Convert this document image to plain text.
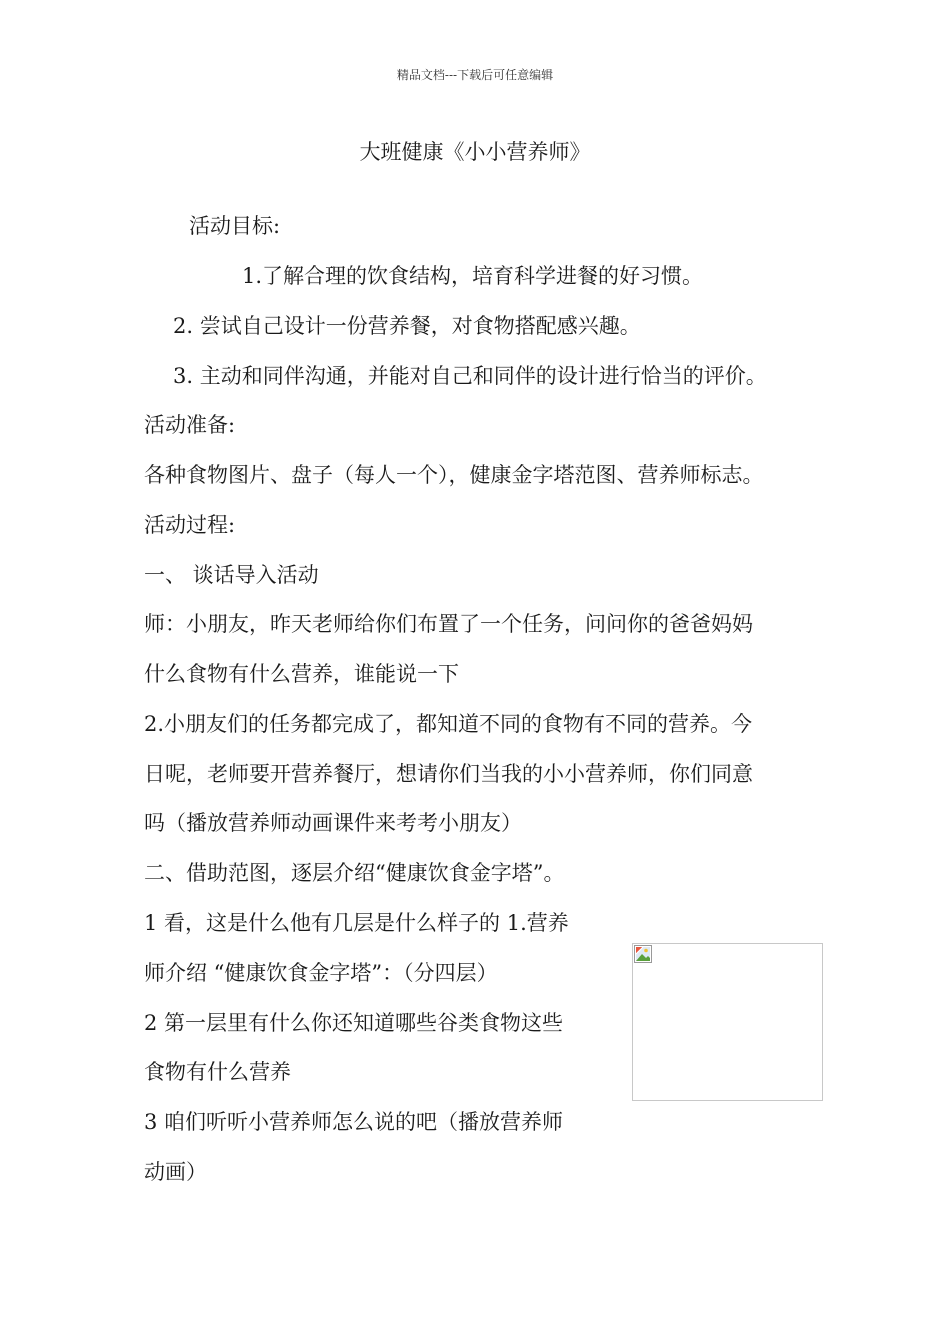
精品文档---下载后可任意编辑
大班健康《小小营养师》
活动目标:
1.了解合理的饮食结构，培育科学进餐的好习惯。
2. 尝试自己设计一份营养餐，对食物搭配感兴趣。
3. 主动和同伴沟通，并能对自己和同伴的设计进行恰当的评价。
活动准备:
各种食物图片、盘子（每人一个），健康金字塔范图、营养师标志。
活动过程:
一、 谈话导入活动
师：小朋友，昨天老师给你们布置了一个任务，问问你的爸爸妈妈
什么食物有什么营养，谁能说一下
2.小朋友们的任务都完成了，都知道不同的食物有不同的营养。今
日呢，老师要开营养餐厅，想请你们当我的小小营养师，你们同意
吗（播放营养师动画课件来考考小朋友）
二、借助范图，逐层介绍“健康饮食金字塔”。
1 看，这是什么他有几层是什么样子的 1.营养
师介绍 “健康饮食金字塔”：（分四层）
2 第一层里有什么你还知道哪些谷类食物这些
食物有什么营养
3 咱们听听小营养师怎么说的吧（播放营养师
动画）
